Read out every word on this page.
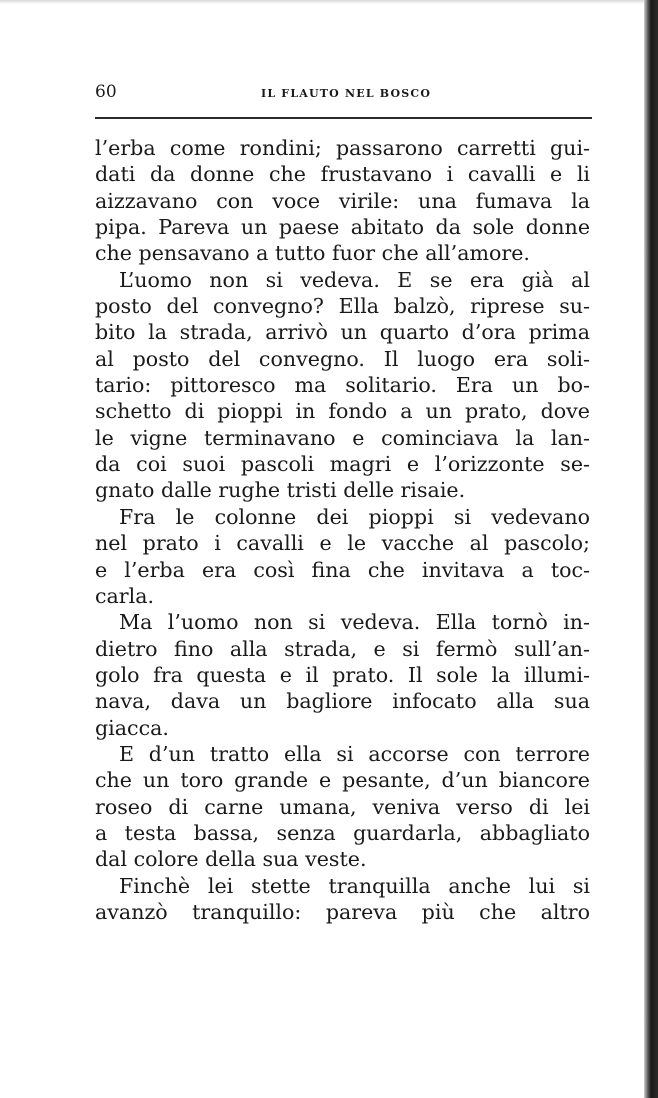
60	IL FLAUTO NEL BOSCO
l’erba come rondini; passarono carretti gui-
dati da donne che frustavano i cavalli e li
aizzavano con voce virile: una fumava la
pipa. Pareva un paese abitato da sole donne
che pensavano a tutto fuor che all’amore.
L’uomo non si vedeva. E se era già al
posto del convegno? Ella balzò, riprese su-
bito la strada, arrivò un quarto d’ora prima
al posto del convegno. Il luogo era soli-
tario: pittoresco ma solitario. Era un bo-
schetto di pioppi in fondo a un prato, dove
le vigne terminavano e cominciava la lan-
da coi suoi pascoli magri e l’orizzonte se-
gnato dalle rughe tristi delle risaie.
Fra le colonne dei pioppi si vedevano
nel prato i cavalli e le vacche al pascolo;
e l’erba era così fina che invitava a toc-
carla.
Ma l’uomo non si vedeva. Ella tornò in-
dietro fino alla strada, e si fermò sull’an-
golo fra questa e il prato. Il sole la illumi-
nava, dava un bagliore infocato alla sua
giacca.
E d’un tratto ella si accorse con terrore
che un toro grande e pesante, d’un biancore
roseo di carne umana, veniva verso di lei
a testa bassa, senza guardarla, abbagliato
dal colore della sua veste.
Finchè lei stette tranquilla anche lui si
avanzò tranquillo: pareva più che altro
